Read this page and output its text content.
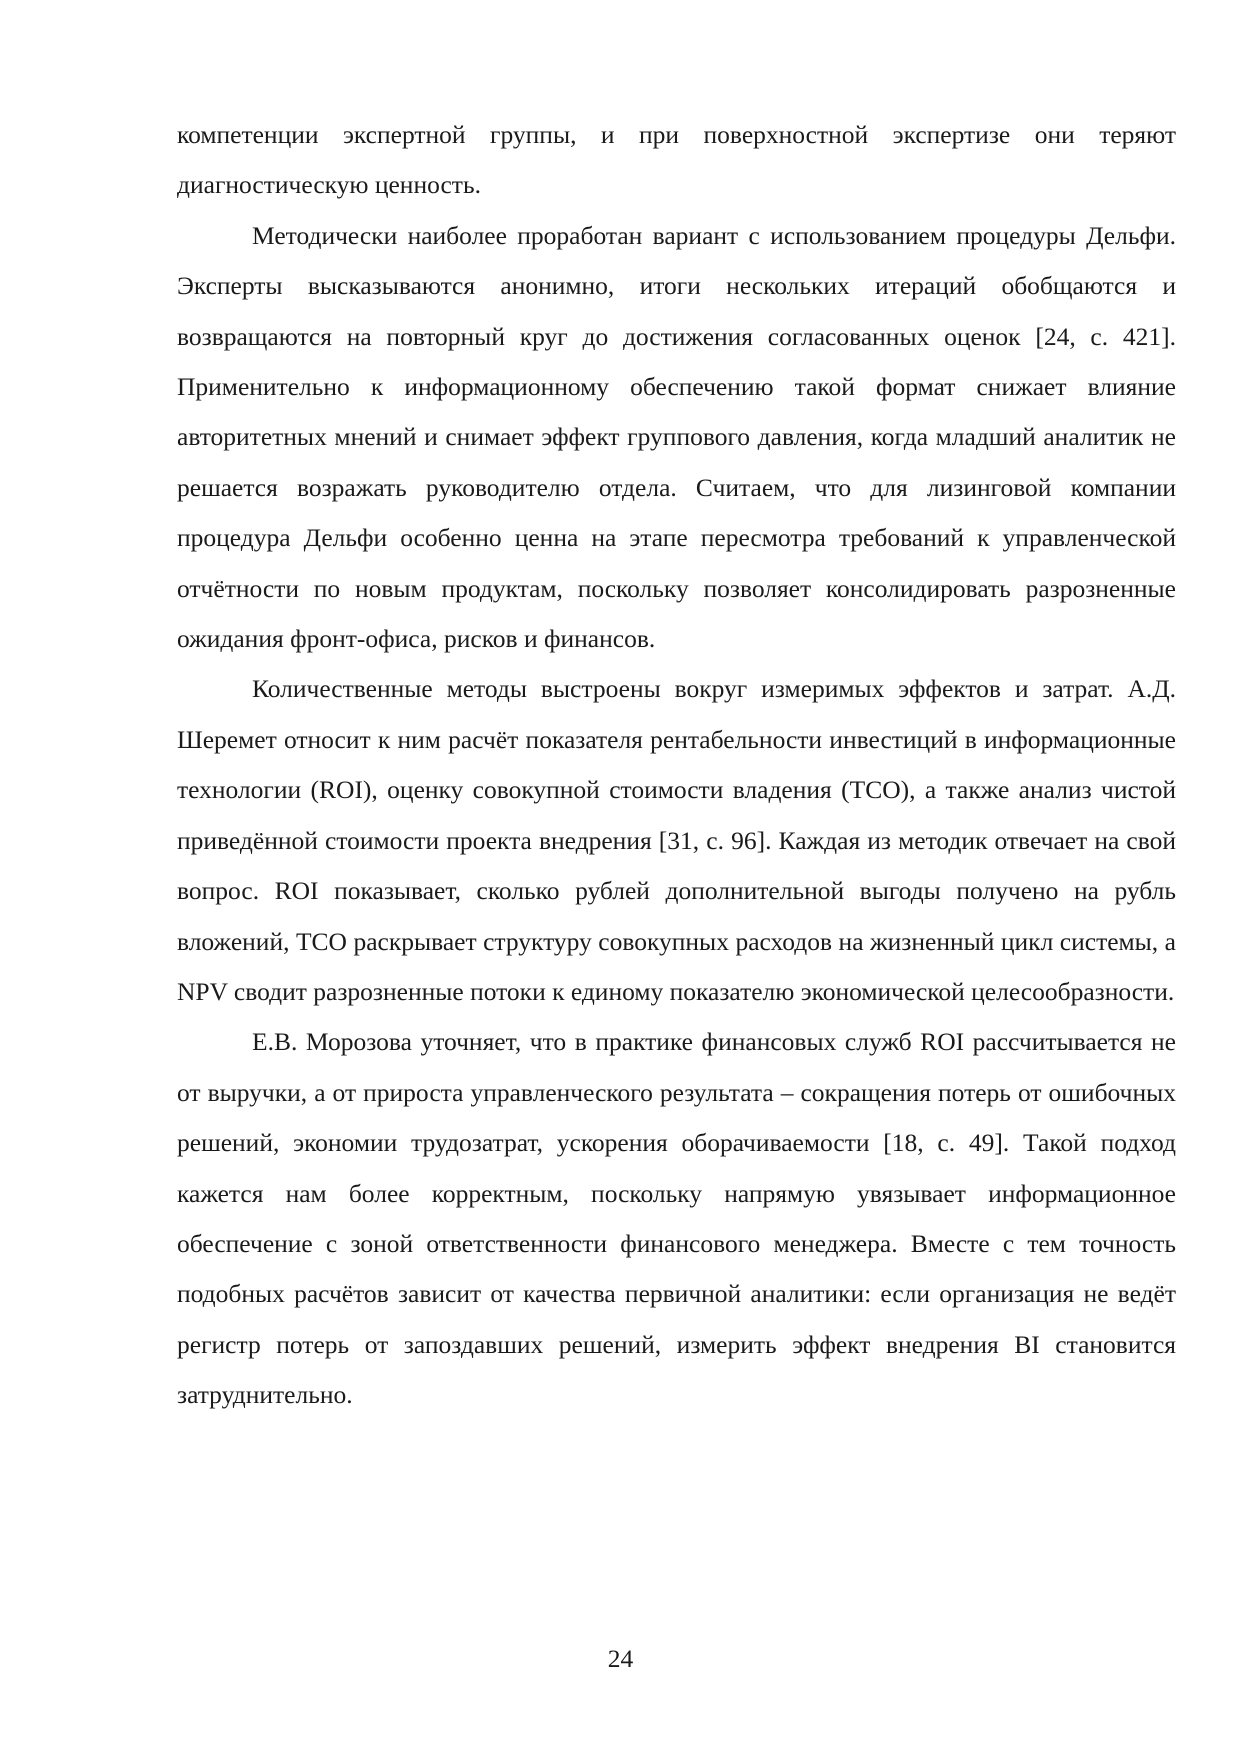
компетенции экспертной группы, и при поверхностной экспертизе они теряют диагностическую ценность.

Методически наиболее проработан вариант с использованием процедуры Дельфи. Эксперты высказываются анонимно, итоги нескольких итераций обобщаются и возвращаются на повторный круг до достижения согласованных оценок [24, с. 421]. Применительно к информационному обеспечению такой формат снижает влияние авторитетных мнений и снимает эффект группового давления, когда младший аналитик не решается возражать руководителю отдела. Считаем, что для лизинговой компании процедура Дельфи особенно ценна на этапе пересмотра требований к управленческой отчётности по новым продуктам, поскольку позволяет консолидировать разрозненные ожидания фронт-офиса, рисков и финансов.

Количественные методы выстроены вокруг измеримых эффектов и затрат. А.Д. Шеремет относит к ним расчёт показателя рентабельности инвестиций в информационные технологии (ROI), оценку совокупной стоимости владения (TCO), а также анализ чистой приведённой стоимости проекта внедрения [31, с. 96]. Каждая из методик отвечает на свой вопрос. ROI показывает, сколько рублей дополнительной выгоды получено на рубль вложений, TCO раскрывает структуру совокупных расходов на жизненный цикл системы, а NPV сводит разрозненные потоки к единому показателю экономической целесообразности.

Е.В. Морозова уточняет, что в практике финансовых служб ROI рассчитывается не от выручки, а от прироста управленческого результата – сокращения потерь от ошибочных решений, экономии трудозатрат, ускорения оборачиваемости [18, с. 49]. Такой подход кажется нам более корректным, поскольку напрямую увязывает информационное обеспечение с зоной ответственности финансового менеджера. Вместе с тем точность подобных расчётов зависит от качества первичной аналитики: если организация не ведёт регистр потерь от запоздавших решений, измерить эффект внедрения BI становится затруднительно.

24
